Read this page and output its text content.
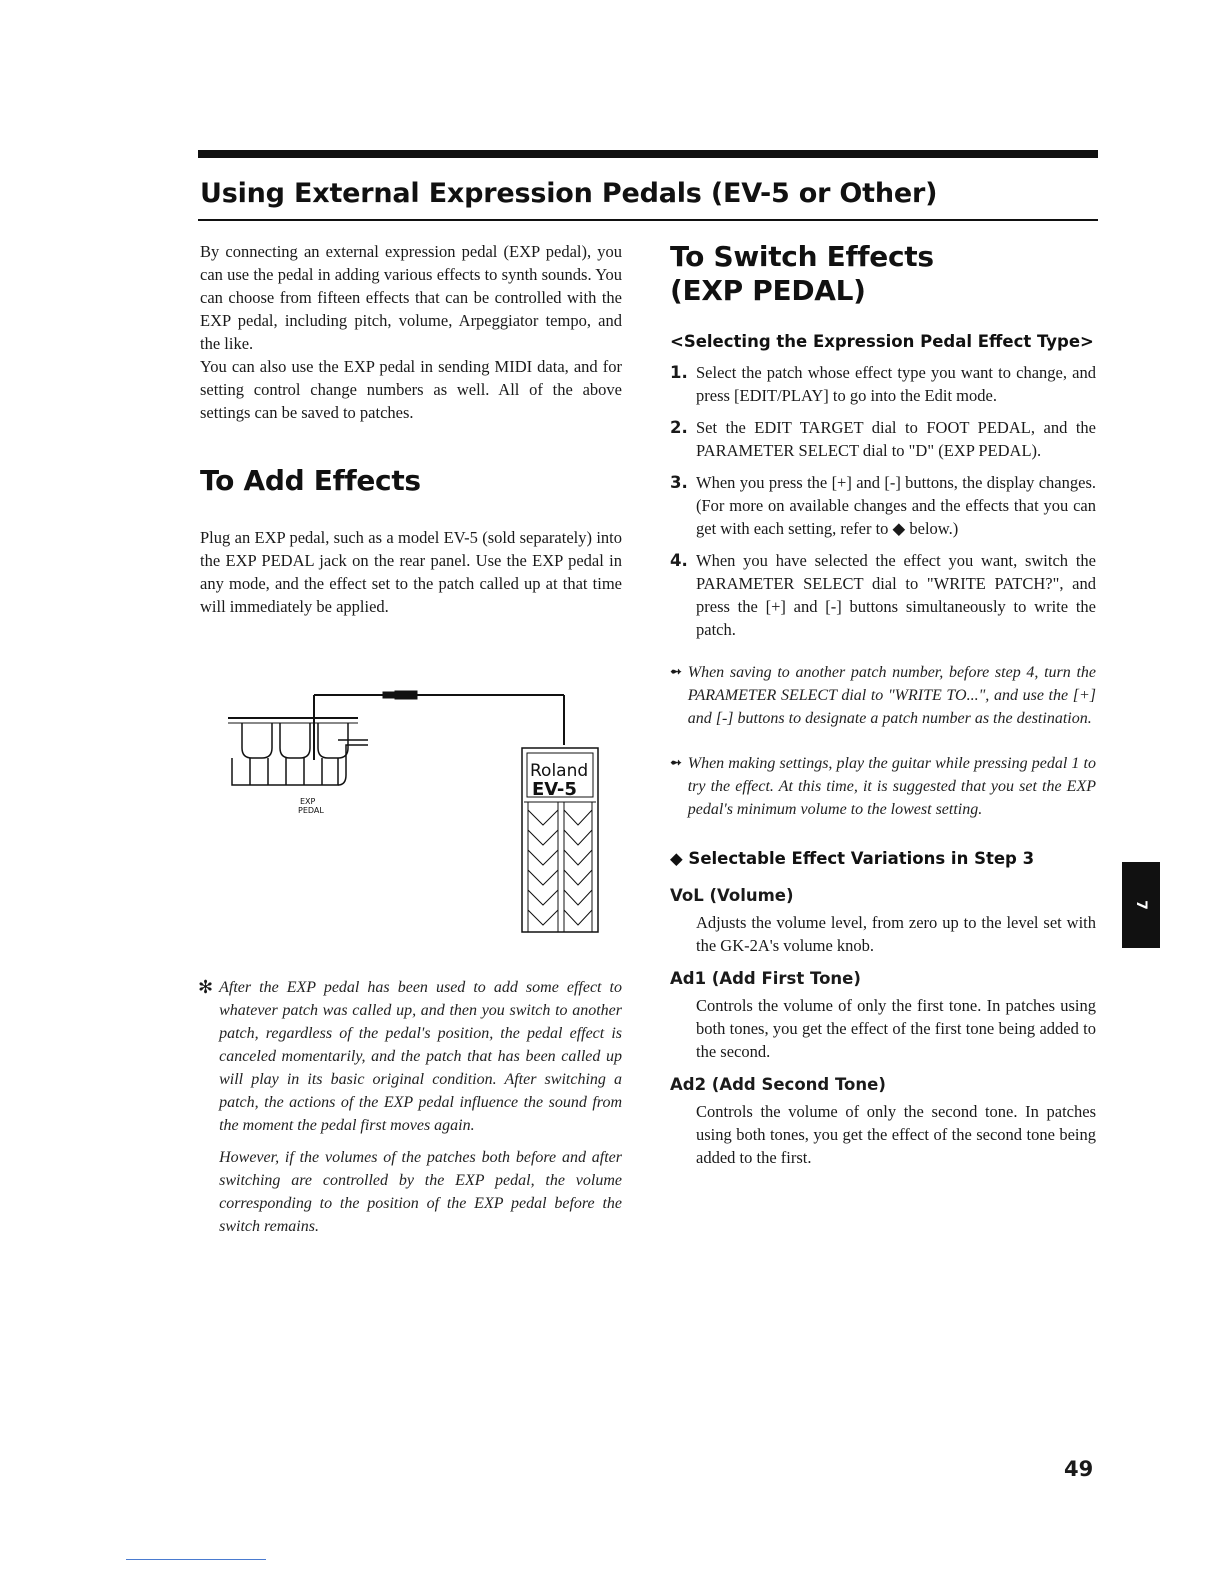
Using External Expression Pedals (EV-5 or Other)

By connecting an external expression pedal (EXP pedal), you can use the pedal in adding various effects to synth sounds. You can choose from fifteen effects that can be controlled with the EXP pedal, including pitch, volume, Arpeggiator tempo, and the like.

You can also use the EXP pedal in sending MIDI data, and for setting control change numbers as well. All of the above settings can be saved to patches.

To Add Effects

Plug an EXP pedal, such as a model EV-5 (sold separately) into the EXP PEDAL jack on the rear panel. Use the EXP pedal in any mode, and the effect set to the patch called up at that time will immediately be applied.

EXP
PEDAL
Roland
EV-5
✻ After the EXP pedal has been used to add some effect to whatever patch was called up, and then you switch to another patch, regardless of the pedal's position, the pedal effect is canceled momentarily, and the patch that has been called up will play in its basic original condition. After switching a patch, the actions of the EXP pedal influence the sound from the moment the pedal first moves again.

However, if the volumes of the patches both before and after switching are controlled by the EXP pedal, the volume corresponding to the position of the EXP pedal before the switch remains.

To Switch Effects
(EXP PEDAL)
<Selecting the Expression Pedal Effect Type>
1. Select the patch whose effect type you want to change, and press [EDIT/PLAY] to go into the Edit mode.
2. Set the EDIT TARGET dial to FOOT PEDAL, and the PARAMETER SELECT dial to "D" (EXP PEDAL).
3. When you press the [+] and [-] buttons, the display changes. (For more on available changes and the effects that you can get with each setting, refer to ◆ below.)
4. When you have selected the effect you want, switch the PARAMETER SELECT dial to "WRITE PATCH?", and press the [+] and [-] buttons simultaneously to write the patch.
➻ When saving to another patch number, before step 4, turn the PARAMETER SELECT dial to "WRITE TO...", and use the [+] and [-] buttons to designate a patch number as the destination.

➻ When making settings, play the guitar while pressing pedal 1 to try the effect. At this time, it is suggested that you set the EXP pedal's minimum volume to the lowest setting.

◆ Selectable Effect Variations in Step 3

VoL (Volume)

Adjusts the volume level, from zero up to the level set with the GK-2A's volume knob.

Ad1 (Add First Tone)

Controls the volume of only the first tone. In patches using both tones, you get the effect of the first tone being added to the second.

Ad2 (Add Second Tone)

Controls the volume of only the second tone. In patches using both tones, you get the effect of the second tone being added to the first.

7
49
